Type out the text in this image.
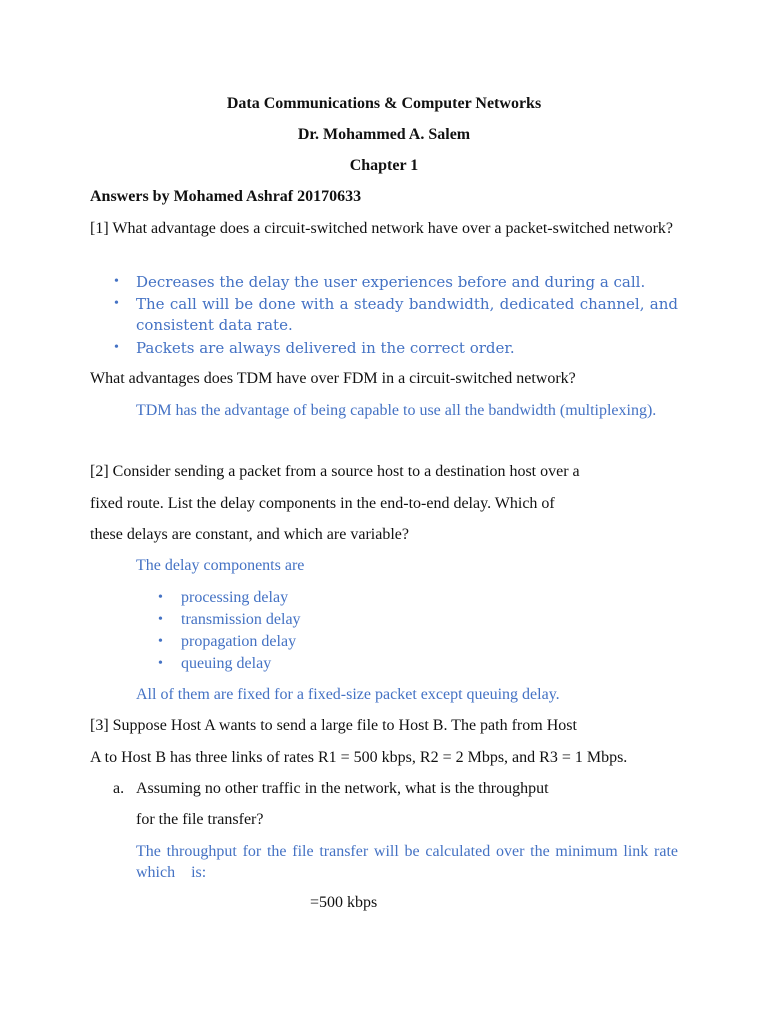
Data Communications & Computer Networks
Dr. Mohammed A. Salem
Chapter 1
Answers by Mohamed Ashraf 20170633
[1] What advantage does a circuit-switched network have over a packet-switched network?
• Decreases the delay the user experiences before and during a call.
• The call will be done with a steady bandwidth, dedicated channel, and consistent data rate.
• Packets are always delivered in the correct order.
What advantages does TDM have over FDM in a circuit-switched network?
TDM has the advantage of being capable to use all the bandwidth (multiplexing).
[2] Consider sending a packet from a source host to a destination host over a
fixed route. List the delay components in the end-to-end delay. Which of
these delays are constant, and which are variable?
The delay components are
• processing delay
• transmission delay
• propagation delay
• queuing delay
All of them are fixed for a fixed-size packet except queuing delay.
[3] Suppose Host A wants to send a large file to Host B. The path from Host
A to Host B has three links of rates R1 = 500 kbps, R2 = 2 Mbps, and R3 = 1 Mbps.
a. Assuming no other traffic in the network, what is the throughput
for the file transfer?
The throughput for the file transfer will be calculated over the minimum link rate which    is:
=500 kbps
